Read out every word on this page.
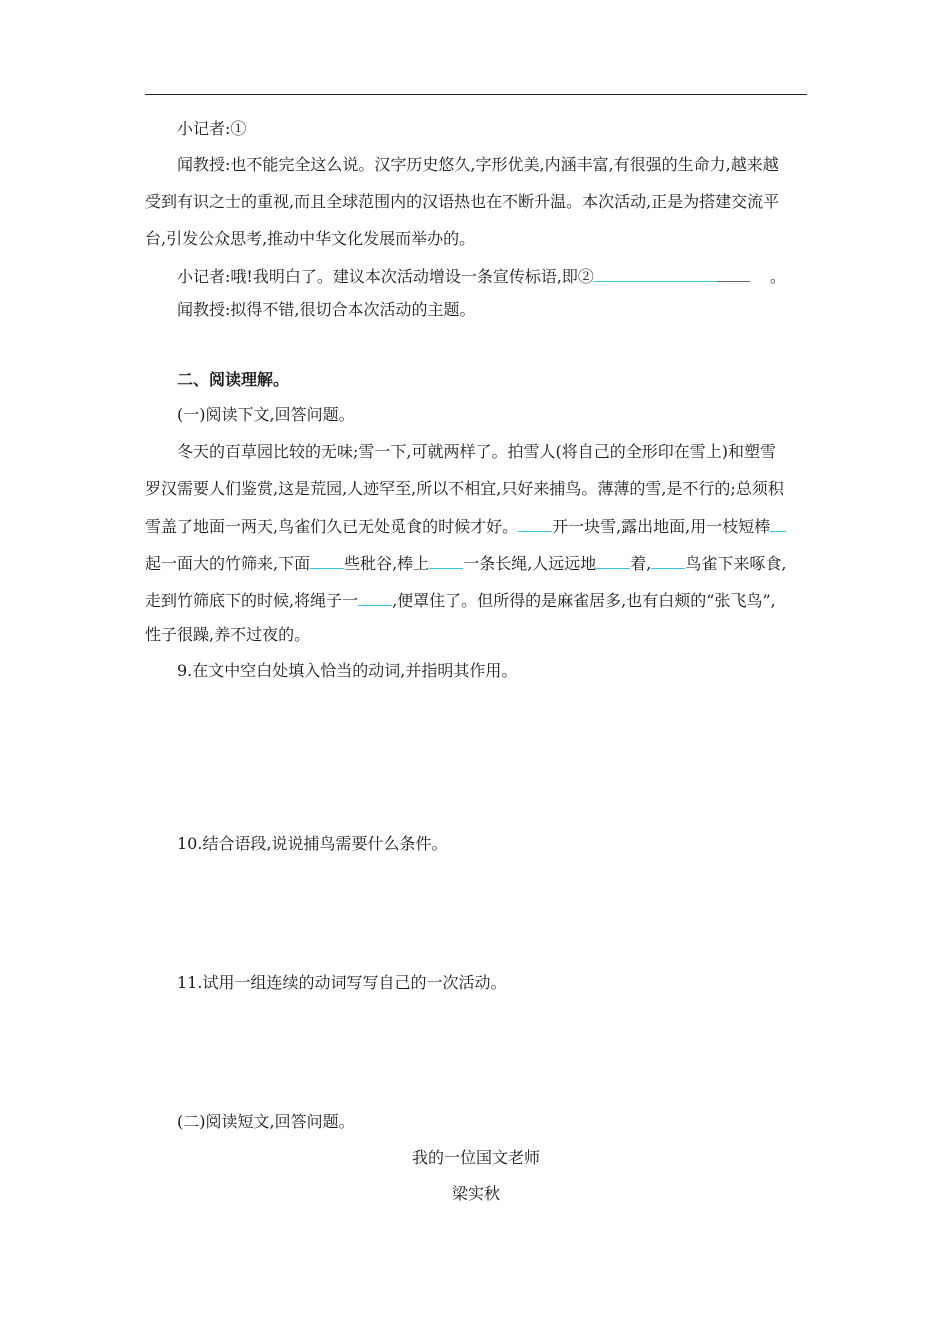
小记者:①
闻教授:也不能完全这么说。汉字历史悠久,字形优美,内涵丰富,有很强的生命力,越来越
受到有识之士的重视,而且全球范围内的汉语热也在不断升温。本次活动,正是为搭建交流平
台,引发公众思考,推动中华文化发展而举办的。
小记者:哦!我明白了。建议本次活动增设一条宣传标语,即②	。
闻教授:拟得不错,很切合本次活动的主题。
二、阅读理解。
(一)阅读下文,回答问题。
冬天的百草园比较的无味;雪一下,可就两样了。拍雪人(将自己的全形印在雪上)和塑雪
罗汉需要人们鉴赏,这是荒园,人迹罕至,所以不相宜,只好来捕鸟。薄薄的雪,是不行的;总须积
雪盖了地面一两天,鸟雀们久已无处觅食的时候才好。 开一块雪,露出地面,用一枝短棒
起一面大的竹筛来,下面 些秕谷,棒上 一条长绳,人远远地 着, 鸟雀下来啄食,
走到竹筛底下的时候,将绳子一 ,便罩住了。但所得的是麻雀居多,也有白颊的“张飞鸟”,
性子很躁,养不过夜的。
9.在文中空白处填入恰当的动词,并指明其作用。
10.结合语段,说说捕鸟需要什么条件。
11.试用一组连续的动词写写自己的一次活动。
(二)阅读短文,回答问题。
我的一位国文老师
梁实秋
